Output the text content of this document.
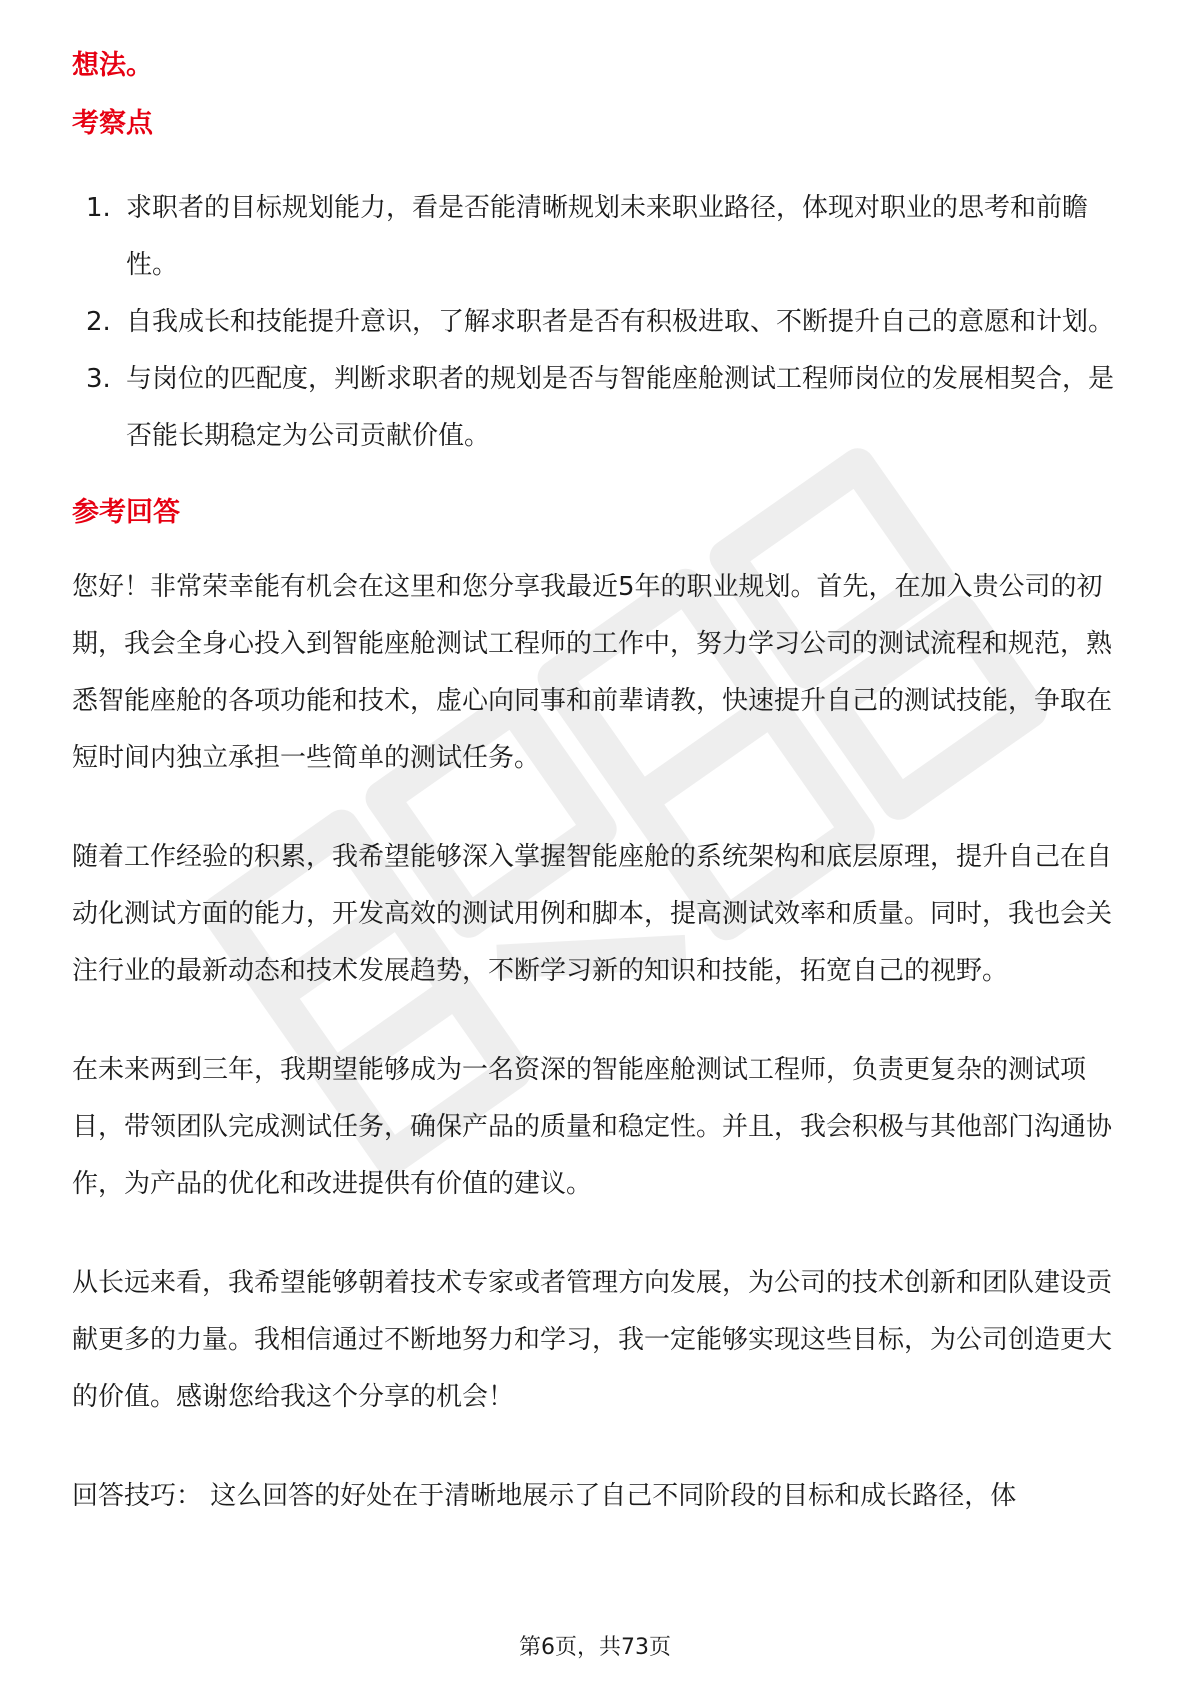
想法。

考察点

1. 求职者的目标规划能力，看是否能清晰规划未来职业路径，体现对职业的思考和前瞻性。
2. 自我成长和技能提升意识，了解求职者是否有积极进取、不断提升自己的意愿和计划。
3. 与岗位的匹配度，判断求职者的规划是否与智能座舱测试工程师岗位的发展相契合，是否能长期稳定为公司贡献价值。

参考回答

您好！非常荣幸能有机会在这里和您分享我最近5年的职业规划。首先，在加入贵公司的初期，我会全身心投入到智能座舱测试工程师的工作中，努力学习公司的测试流程和规范，熟悉智能座舱的各项功能和技术，虚心向同事和前辈请教，快速提升自己的测试技能，争取在短时间内独立承担一些简单的测试任务。

随着工作经验的积累，我希望能够深入掌握智能座舱的系统架构和底层原理，提升自己在自动化测试方面的能力，开发高效的测试用例和脚本，提高测试效率和质量。同时，我也会关注行业的最新动态和技术发展趋势，不断学习新的知识和技能，拓宽自己的视野。

在未来两到三年，我期望能够成为一名资深的智能座舱测试工程师，负责更复杂的测试项目，带领团队完成测试任务，确保产品的质量和稳定性。并且，我会积极与其他部门沟通协作，为产品的优化和改进提供有价值的建议。

从长远来看，我希望能够朝着技术专家或者管理方向发展，为公司的技术创新和团队建设贡献更多的力量。我相信通过不断地努力和学习，我一定能够实现这些目标，为公司创造更大的价值。感谢您给我这个分享的机会！

回答技巧： 这么回答的好处在于清晰地展示了自己不同阶段的目标和成长路径，体

第6页，共73页
